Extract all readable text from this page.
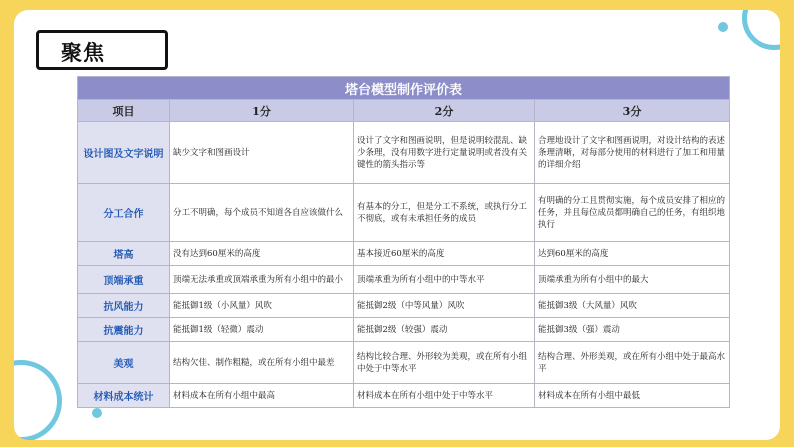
聚焦
塔台模型制作评价表			
项目	1分	2分	3分
设计图及文字说明	缺少文字和图画设计	设计了文字和图画说明，但是说明较混乱、缺少条理，没有用数字进行定量说明或者没有关键性的箭头指示等	合理地设计了文字和图画说明，对设计结构的表述条理清晰，对每部分使用的材料进行了加工和用量的详细介绍
分工合作	分工不明确，每个成员不知道各自应该做什么	有基本的分工，但是分工不系统，或执行分工不彻底，或有未承担任务的成员	有明确的分工且贯彻实施，每个成员安排了相应的任务，并且每位成员都明确自己的任务，有组织地执行
塔高	没有达到60厘米的高度	基本接近60厘米的高度	达到60厘米的高度
顶端承重	顶端无法承重或顶端承重为所有小组中的最小	顶端承重为所有小组中的中等水平	顶端承重为所有小组中的最大
抗风能力	能抵御1级（小风量）风吹	能抵御2级（中等风量）风吹	能抵御3级（大风量）风吹
抗震能力	能抵御1级（轻微）震动	能抵御2级（较强）震动	能抵御3级（强）震动
美观	结构欠佳、制作粗糙，或在所有小组中最差	结构比较合理、外形较为美观，或在所有小组中处于中等水平	结构合理、外形美观，或在所有小组中处于最高水平
材料成本统计	材料成本在所有小组中最高	材料成本在所有小组中处于中等水平	材料成本在所有小组中最低
